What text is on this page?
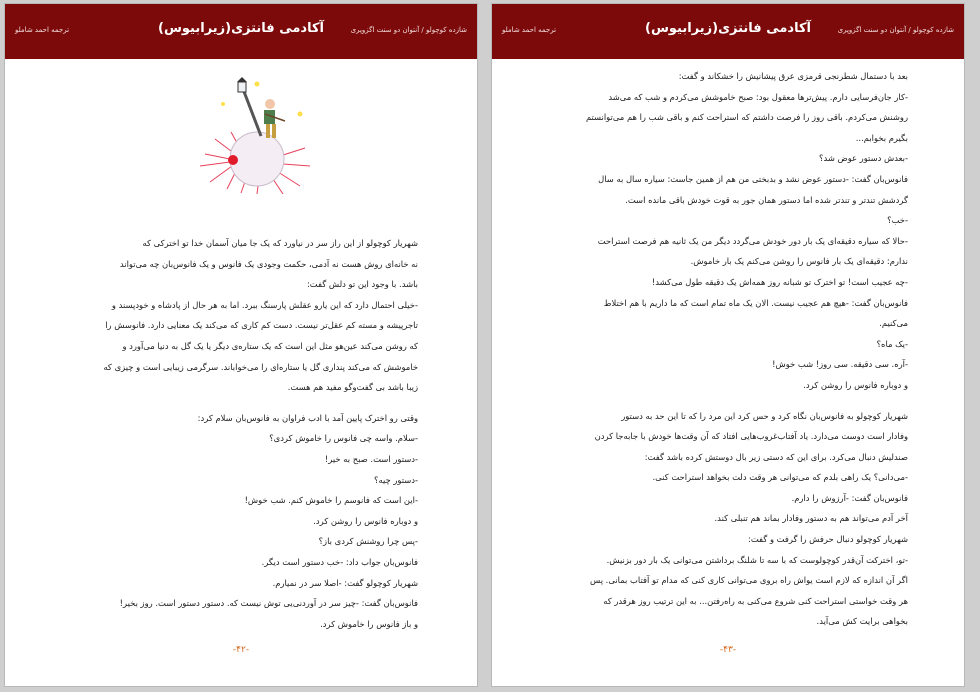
آکادمی فانتزی(زیرابیوس)	شازده کوچولو / آنتوان دو سنت اگزوپری
ترجمه احمد شاملو

شهریار کوچولو از این راز سر در نیاورد که یک جا میان آسمان خدا تو اخترکی که

نه خانه‌ای روش هست نه آدمی، حکمت وجودی یک فانوس و یک فانوس‌بان چه می‌تواند

باشد. با وجود این تو دلش گفت:

-خیلی احتمال دارد که این یارو عقلش پارسنگ ببرد. اما به هر حال از پادشاه و خودپسند و

تاجرپیشه و مسته کم عقل‌تر نیست. دست کم کاری که می‌کند یک معنایی دارد. فانوسش را

که روشن می‌کند عین‌هو مثل این است که یک ستاره‌ی دیگر یا یک گل به دنیا می‌آورد و

خاموشش که می‌کند پنداری گل یا ستاره‌ای را می‌خواباند. سرگرمی زیبایی است و چیزی که

زیبا باشد بی گفت‌وگو مفید هم هست.

وقتی رو اخترک پایین آمد با ادب فراوان به فانوس‌بان سلام کرد:

-سلام. واسه چی فانوس را خاموش کردی؟

-دستور است. صبح به خیر!

-دستور چیه؟

-این است که فانوسم را خاموش کنم. شب خوش!

و دوباره فانوس را روشن کرد.

-پس چرا روشنش کردی باز؟

فانوس‌بان جواب داد: -خب دستور است دیگر.

شهریار کوچولو گفت: -اصلا سر در نمیارم.

فانوس‌بان گفت: -چیز سر در آوردنی‌یی توش نیست که. دستور دستور است. روز بخیر!

و باز فانوس را خاموش کرد.

-۴۲-
آکادمی فانتزی(زیرابیوس)	شازده کوچولو / آنتوان دو سنت اگزوپری
ترجمه احمد شاملو

بعد با دستمال شطرنجی قرمزی عرق پیشانیش را خشکاند و گفت:

-کار جان‌فرسایی دارم. پیش‌ترها معقول بود: صبح خاموشش می‌کردم و شب که می‌شد

روشنش می‌کردم. باقی روز را فرصت داشتم که استراحت کنم و باقی شب را هم می‌توانستم

بگیرم بخوابم...

-بعدش دستور عوض شد؟

فانوس‌بان گفت: -دستور عوض نشد و بدبختی من هم از همین جاست: سیاره سال به سال

گردشش تندتر و تندتر شده اما دستور همان جور به قوت خودش باقی مانده است.

-خب؟

-حالا که سیاره دقیقه‌ای یک بار دور خودش می‌گردد دیگر من یک ثانیه هم فرصت استراحت

ندارم: دقیقه‌ای یک بار فانوس را روشن می‌کنم یک بار خاموش.

-چه عجیب است! تو اخترک تو شبانه روز همه‌اش یک دقیقه طول می‌کشد!

فانوس‌بان گفت: -هیچ هم عجیب نیست. الان یک ماه تمام است که ما داریم با هم اختلاط

می‌کنیم.

-یک ماه؟

-آره. سی دقیقه. سی روز! شب خوش!

و دوباره فانوس را روشن کرد.

شهریار کوچولو به فانوس‌بان نگاه کرد و حس کرد این مرد را که تا این حد به دستور

وفادار است دوست می‌دارد. یاد آفتاب‌غروب‌هایی افتاد که آن وقت‌ها خودش با جابه‌جا کردن

صندلیش دنبال می‌کرد. برای این که دستی زیر بال دوستش کرده باشد گفت:

-می‌دانی؟ یک راهی بلدم که می‌توانی هر وقت دلت بخواهد استراحت کنی.

فانوس‌بان گفت: -آرزوش را دارم.

آخر آدم می‌تواند هم به دستور وفادار بماند هم تنبلی کند.

شهریار کوچولو دنبال حرفش را گرفت و گفت:

-تو، اخترکت آن‌قدر کوچولوست که با سه تا شلنگ برداشتن می‌توانی یک بار دور بزنیش.

اگر آن اندازه که لازم است یواش راه بروی می‌توانی کاری کنی که مدام تو آفتاب بمانی. پس

هر وقت خواستی استراحت کنی شروع می‌کنی به راه‌رفتن... به این ترتیب روز هرقدر که

بخواهی برایت کش می‌آید.

-۴۳-
